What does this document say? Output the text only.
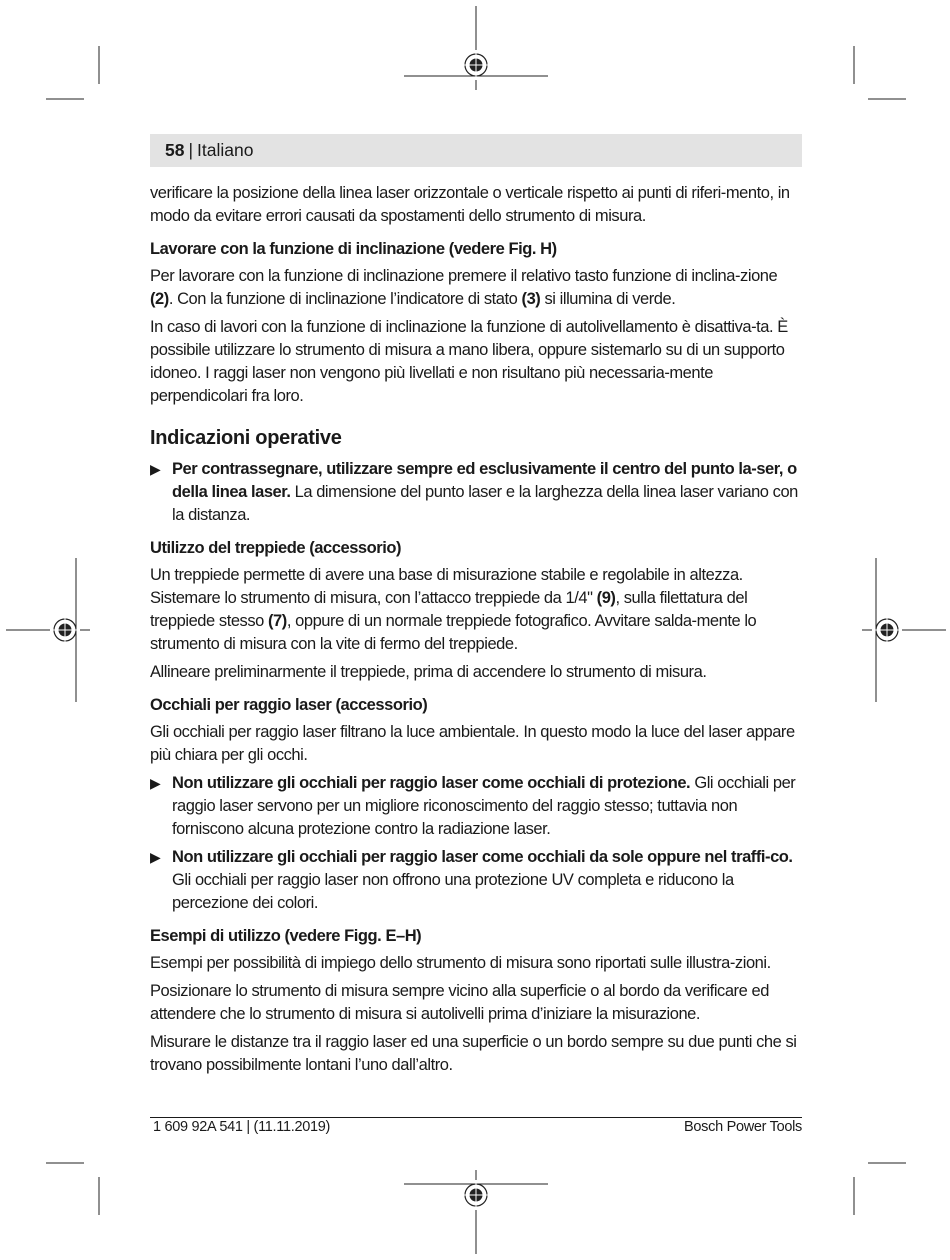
58 | Italiano

verificare la posizione della linea laser orizzontale o verticale rispetto ai punti di riferi-mento, in modo da evitare errori causati da spostamenti dello strumento di misura.

Lavorare con la funzione di inclinazione (vedere Fig. H)

Per lavorare con la funzione di inclinazione premere il relativo tasto funzione di inclina-zione (2). Con la funzione di inclinazione l’indicatore di stato (3) si illumina di verde.

In caso di lavori con la funzione di inclinazione la funzione di autolivellamento è disattiva-ta. È possibile utilizzare lo strumento di misura a mano libera, oppure sistemarlo su di un supporto idoneo. I raggi laser non vengono più livellati e non risultano più necessaria-mente perpendicolari fra loro.

Indicazioni operative
▶ Per contrassegnare, utilizzare sempre ed esclusivamente il centro del punto la-ser, o della linea laser. La dimensione del punto laser e la larghezza della linea laser variano con la distanza.
Utilizzo del treppiede (accessorio)

Un treppiede permette di avere una base di misurazione stabile e regolabile in altezza. Sistemare lo strumento di misura, con l’attacco treppiede da 1/4" (9), sulla filettatura del treppiede stesso (7), oppure di un normale treppiede fotografico. Avvitare salda-mente lo strumento di misura con la vite di fermo del treppiede.

Allineare preliminarmente il treppiede, prima di accendere lo strumento di misura.

Occhiali per raggio laser (accessorio)

Gli occhiali per raggio laser filtrano la luce ambientale. In questo modo la luce del laser appare più chiara per gli occhi.

▶ Non utilizzare gli occhiali per raggio laser come occhiali di protezione. Gli occhiali per raggio laser servono per un migliore riconoscimento del raggio stesso; tuttavia non forniscono alcuna protezione contro la radiazione laser.
▶ Non utilizzare gli occhiali per raggio laser come occhiali da sole oppure nel traffi-co. Gli occhiali per raggio laser non offrono una protezione UV completa e riducono la percezione dei colori.
Esempi di utilizzo (vedere Figg. E–H)

Esempi per possibilità di impiego dello strumento di misura sono riportati sulle illustra-zioni.

Posizionare lo strumento di misura sempre vicino alla superficie o al bordo da verificare ed attendere che lo strumento di misura si autolivelli prima d’iniziare la misurazione.

Misurare le distanze tra il raggio laser ed una superficie o un bordo sempre su due punti che si trovano possibilmente lontani l’uno dall’altro.

1 609 92A 541 | (11.11.2019)	Bosch Power Tools
